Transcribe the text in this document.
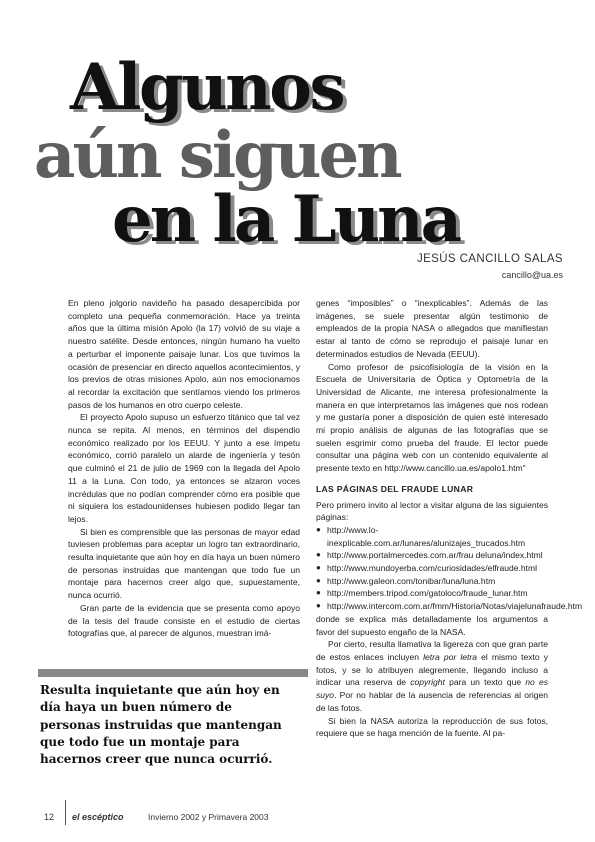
Algunos
aún siguen
en la Luna
JESÚS CANCILLO SALAS
cancillo@ua.es

En pleno jolgorio navideño ha pasado desapercibida por completo una pequeña conmemoración. Hace ya treinta años que la última misión Apolo (la 17) volvió de su viaje a nuestro satélite. Desde entonces, ningún humano ha vuelto a perturbar el imponente paisaje lunar. Los que tuvimos la ocasión de presenciar en directo aquellos acontecimientos, y los previos de otras misiones Apolo, aún nos emocionamos al recordar la excitación que sentíamos viendo los primeros pasos de los humanos en otro cuerpo celeste.

El proyecto Apolo supuso un esfuerzo titánico que tal vez nunca se repita. Al menos, en términos del dispendio económico realizado por los EEUU. Y junto a ese ímpetu económico, corrió paralelo un alarde de ingeniería y tesón que culminó el 21 de julio de 1969 con la llegada del Apolo 11 a la Luna. Con todo, ya entonces se alzaron voces incrédulas que no podían comprender cómo era posible que ni siquiera los estadounidenses hubiesen podido llegar tan lejos.

Si bien es comprensible que las personas de mayor edad tuviesen problemas para aceptar un logro tan extraordinario, resulta inquietante que aún hoy en día haya un buen número de personas instruidas que mantengan que todo fue un montaje para hacernos creer algo que, supuestamente, nunca ocurrió.

Gran parte de la evidencia que se presenta como apoyo de la tesis del fraude consiste en el estudio de ciertas fotografías que, al parecer de algunos, muestran imá-

Resulta inquietante que aún hoy en día haya un buen número de personas instruidas que mantengan que todo fue un montaje para hacernos creer que nunca ocurrió.

genes “imposibles” o “inexplicables”. Además de las imágenes, se suele presentar algún testimonio de empleados de la propia NASA o allegados que manifiestan estar al tanto de cómo se reprodujo el paisaje lunar en determinados estudios de Nevada (EEUU).

Como profesor de psicofisiología de la visión en la Escuela de Universitaria de Óptica y Optometría de la Universidad de Alicante, me interesa profesionalmente la manera en que interpretamos las imágenes que nos rodean y me gustaría poner a disposición de quien esté interesado mi propio análisis de algunas de las fotografías que se suelen esgrimir como prueba del fraude. El lector puede consultar una página web con un contenido equivalente al presente texto en http://www.cancillo.ua.es/apolo1.htm"

LAS PÁGINAS DEL FRAUDE LUNAR

Pero primero invito al lector a visitar alguna de las siguientes páginas:

● http://www.lo-inexplicable.com.ar/lunares/alunizajes_trucados.htm
● http://www.portalmercedes.com.ar/frau deluna/index.html
● http://www.mundoyerba.com/curiosidades/elfraude.html
● http://www.galeon.com/tonibar/luna/luna.htm
● http://members.tripod.com/gatoloco/fraude_lunar.htm
● http://www.intercom.com.ar/fmm/Historia/Notas/viajelunafraude.htm

donde se explica más detalladamente los argumentos a favor del supuesto engaño de la NASA.

Por cierto, resulta llamativa la ligereza con que gran parte de estos enlaces incluyen letra por letra el mismo texto y fotos, y se lo atribuyen alegremente, llegando incluso a indicar una reserva de copyright para un texto que no es suyo. Por no hablar de la ausencia de referencias al origen de las fotos.

Si bien la NASA autoriza la reproducción de sus fotos, requiere que se haga mención de la fuente. Al pa-

12 el escéptico	Invierno 2002 y Primavera 2003
